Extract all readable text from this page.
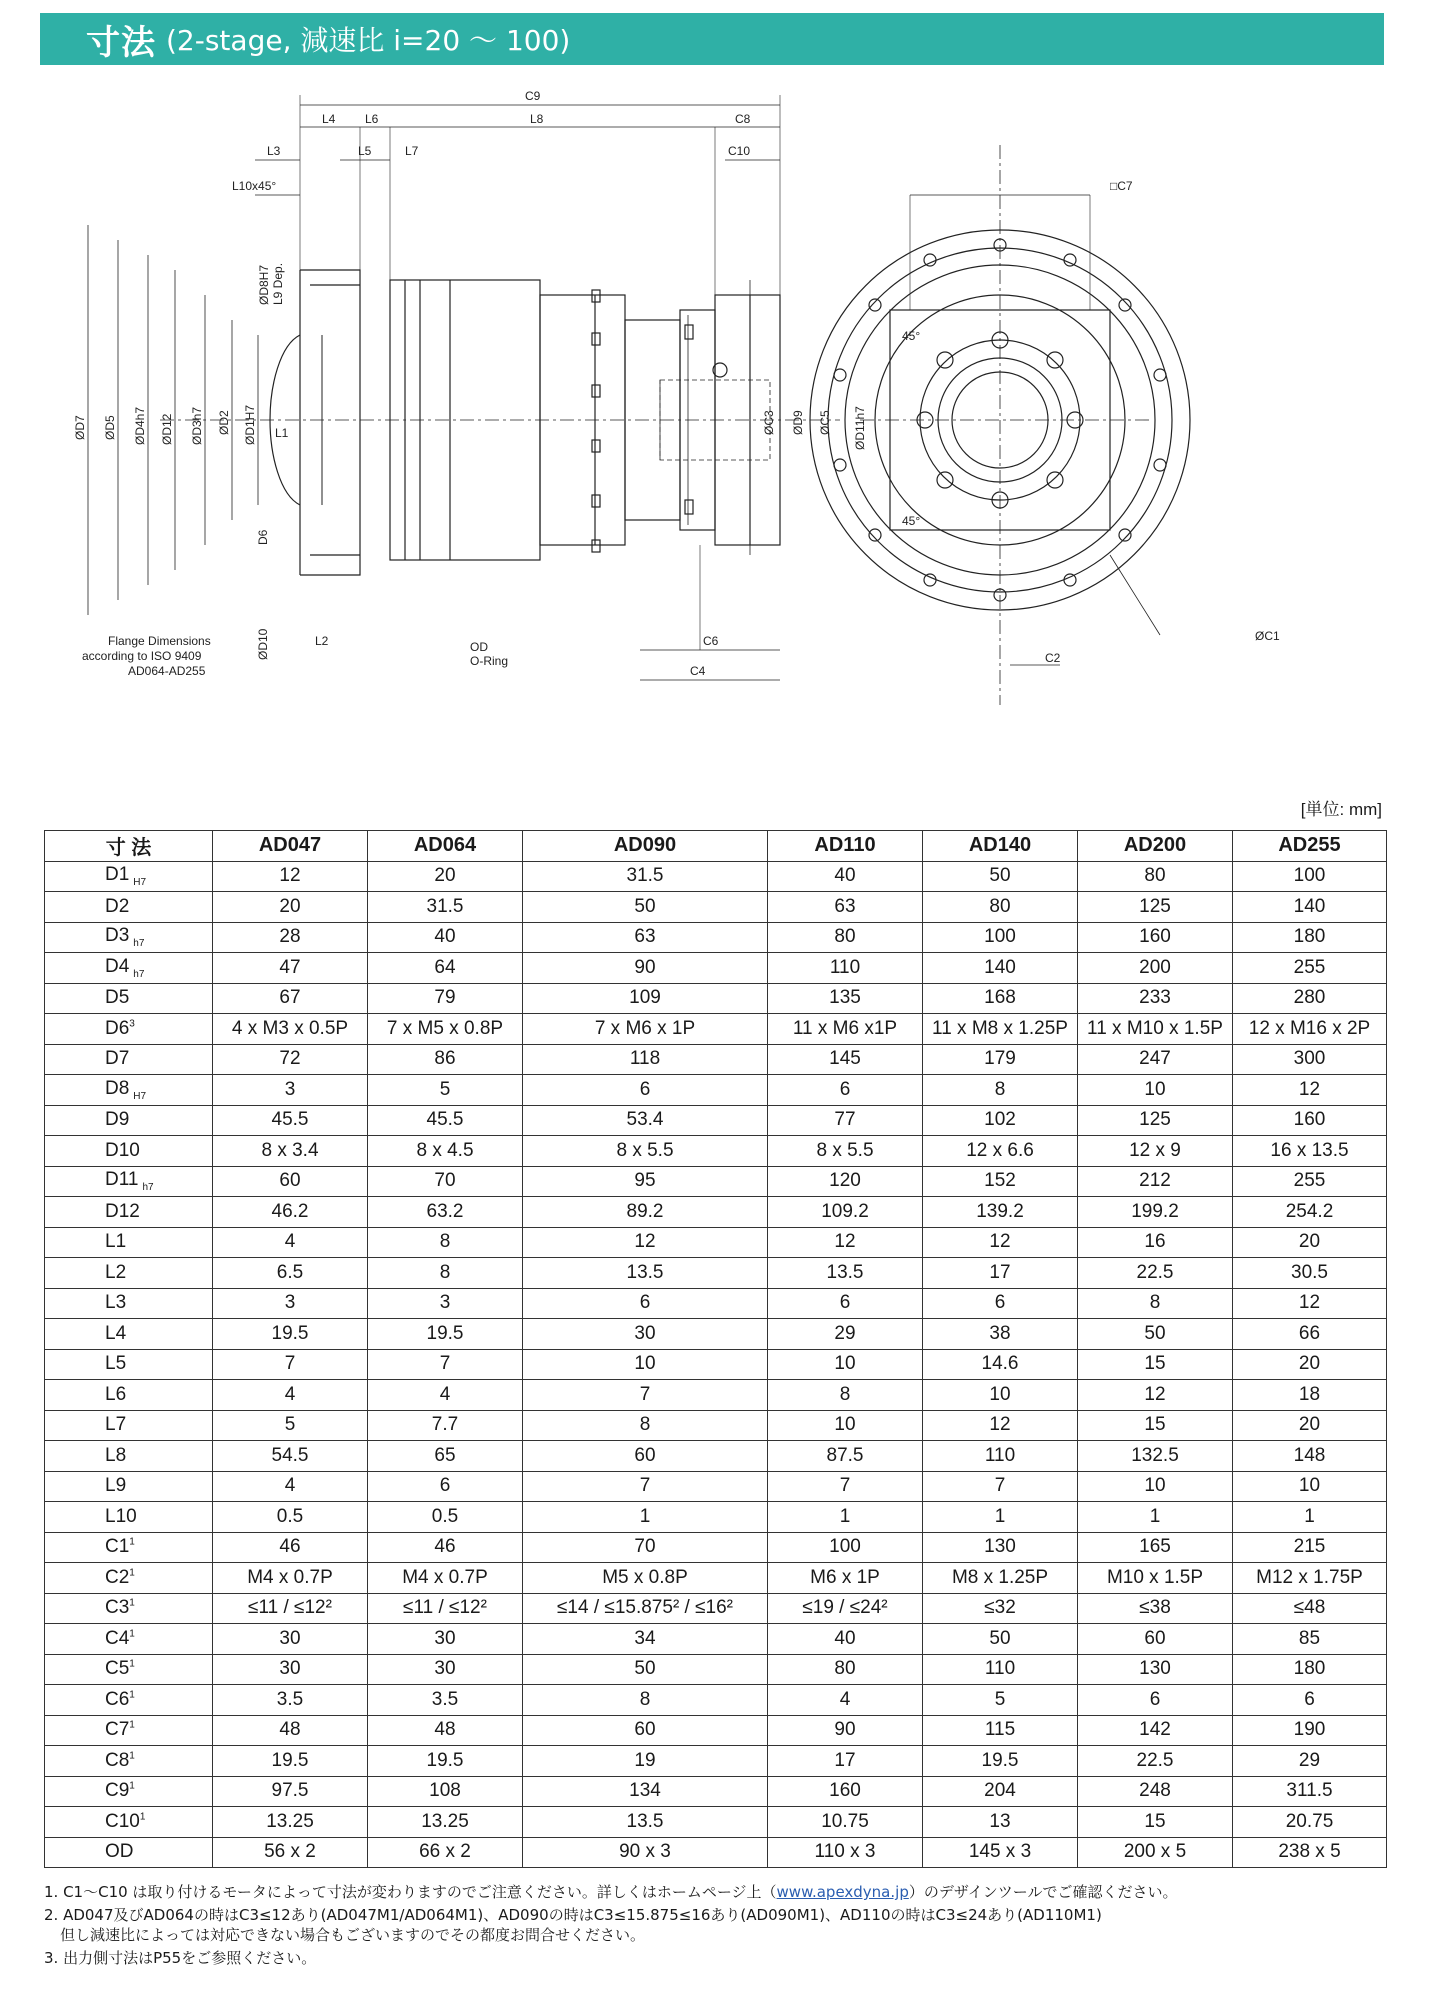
寸法 (2-stage, 減速比 i=20 ～ 100)
C9
L4 L6	L8	C8
L3	L5	L7	C10
L10x45°
ØD8H7 L9 Dep.
ØD7 ØD5 ØD4h7 ØD12 ØD3h7 ØD2 ØD1H7 L1
D6
ØD10	L2
ØC3 ØD9 ØC5 ØD11h7
C6
C4
□C7
45°
45°
C2
ØC1
Flange Dimensions
according to ISO 9409
AD064-AD255
OD
O-Ring
[単位: mm]
寸 法	AD047	AD064	AD090	AD110	AD140	AD200	AD255
D1 $_{H7}$	12	20	31.5	40	50	80	100
D2	20	31.5	50	63	80	125	140
D3 $_{h7}$	28	40	63	80	100	160	180
D4 $_{h7}$	47	64	90	110	140	200	255
D5	67	79	109	135	168	233	280
$D6^3$	4 x M3 x 0.5P	7 x M5 x 0.8P	7 x M6 x 1P	11 x M6 x1P	11 x M8 x 1.25P	11 x M10 x 1.5P	12 x M16 x 2P
D7	72	86	118	145	179	247	300
D8 $_{H7}$	3	5	6	6	8	10	12
D9	45.5	45.5	53.4	77	102	125	160
D10	8 x 3.4	8 x 4.5	8 x 5.5	8 x 5.5	12 x 6.6	12 x 9	16 x 13.5
D11 $_{h7}$	60	70	95	120	152	212	255
D12	46.2	63.2	89.2	109.2	139.2	199.2	254.2
L1	4	8	12	12	12	16	20
L2	6.5	8	13.5	13.5	17	22.5	30.5
L3	3	3	6	6	6	8	12
L4	19.5	19.5	30	29	38	50	66
L5	7	7	10	10	14.6	15	20
L6	4	4	7	8	10	12	18
L7	5	7.7	8	10	12	15	20
L8	54.5	65	60	87.5	110	132.5	148
L9	4	6	7	7	7	10	10
L10	0.5	0.5	1	1	1	1	1
$C1^1$	46	46	70	100	130	165	215
$C2^1$	M4 x 0.7P	M4 x 0.7P	M5 x 0.8P	M6 x 1P	M8 x 1.25P	M10 x 1.5P	M12 x 1.75P
$C3^1$	≤11 / ≤12²	≤11 / ≤12²	≤14 / ≤15.875² / ≤16²	≤19 / ≤24²	≤32	≤38	≤48
$C4^1$	30	30	34	40	50	60	85
$C5^1$	30	30	50	80	110	130	180
$C6^1$	3.5	3.5	8	4	5	6	6
$C7^1$	48	48	60	90	115	142	190
$C8^1$	19.5	19.5	19	17	19.5	22.5	29
$C9^1$	97.5	108	134	160	204	248	311.5
$C10^1$	13.25	13.25	13.5	10.75	13	15	20.75
OD	56 x 2	66 x 2	90 x 3	110 x 3	145 x 3	200 x 5	238 x 5

1. C1～C10 は取り付けるモータによって寸法が変わりますのでご注意ください。詳しくはホームページ上（www.apexdyna.jp）のデザインツールでご確認ください。

2. AD047及びAD064の時はC3≤12あり(AD047M1/AD064M1)、AD090の時はC3≤15.875≤16あり(AD090M1)、AD110の時はC3≤24あり(AD110M1)
但し減速比によっては対応できない場合もございますのでその都度お問合せください。

3. 出力側寸法はP55をご参照ください。
